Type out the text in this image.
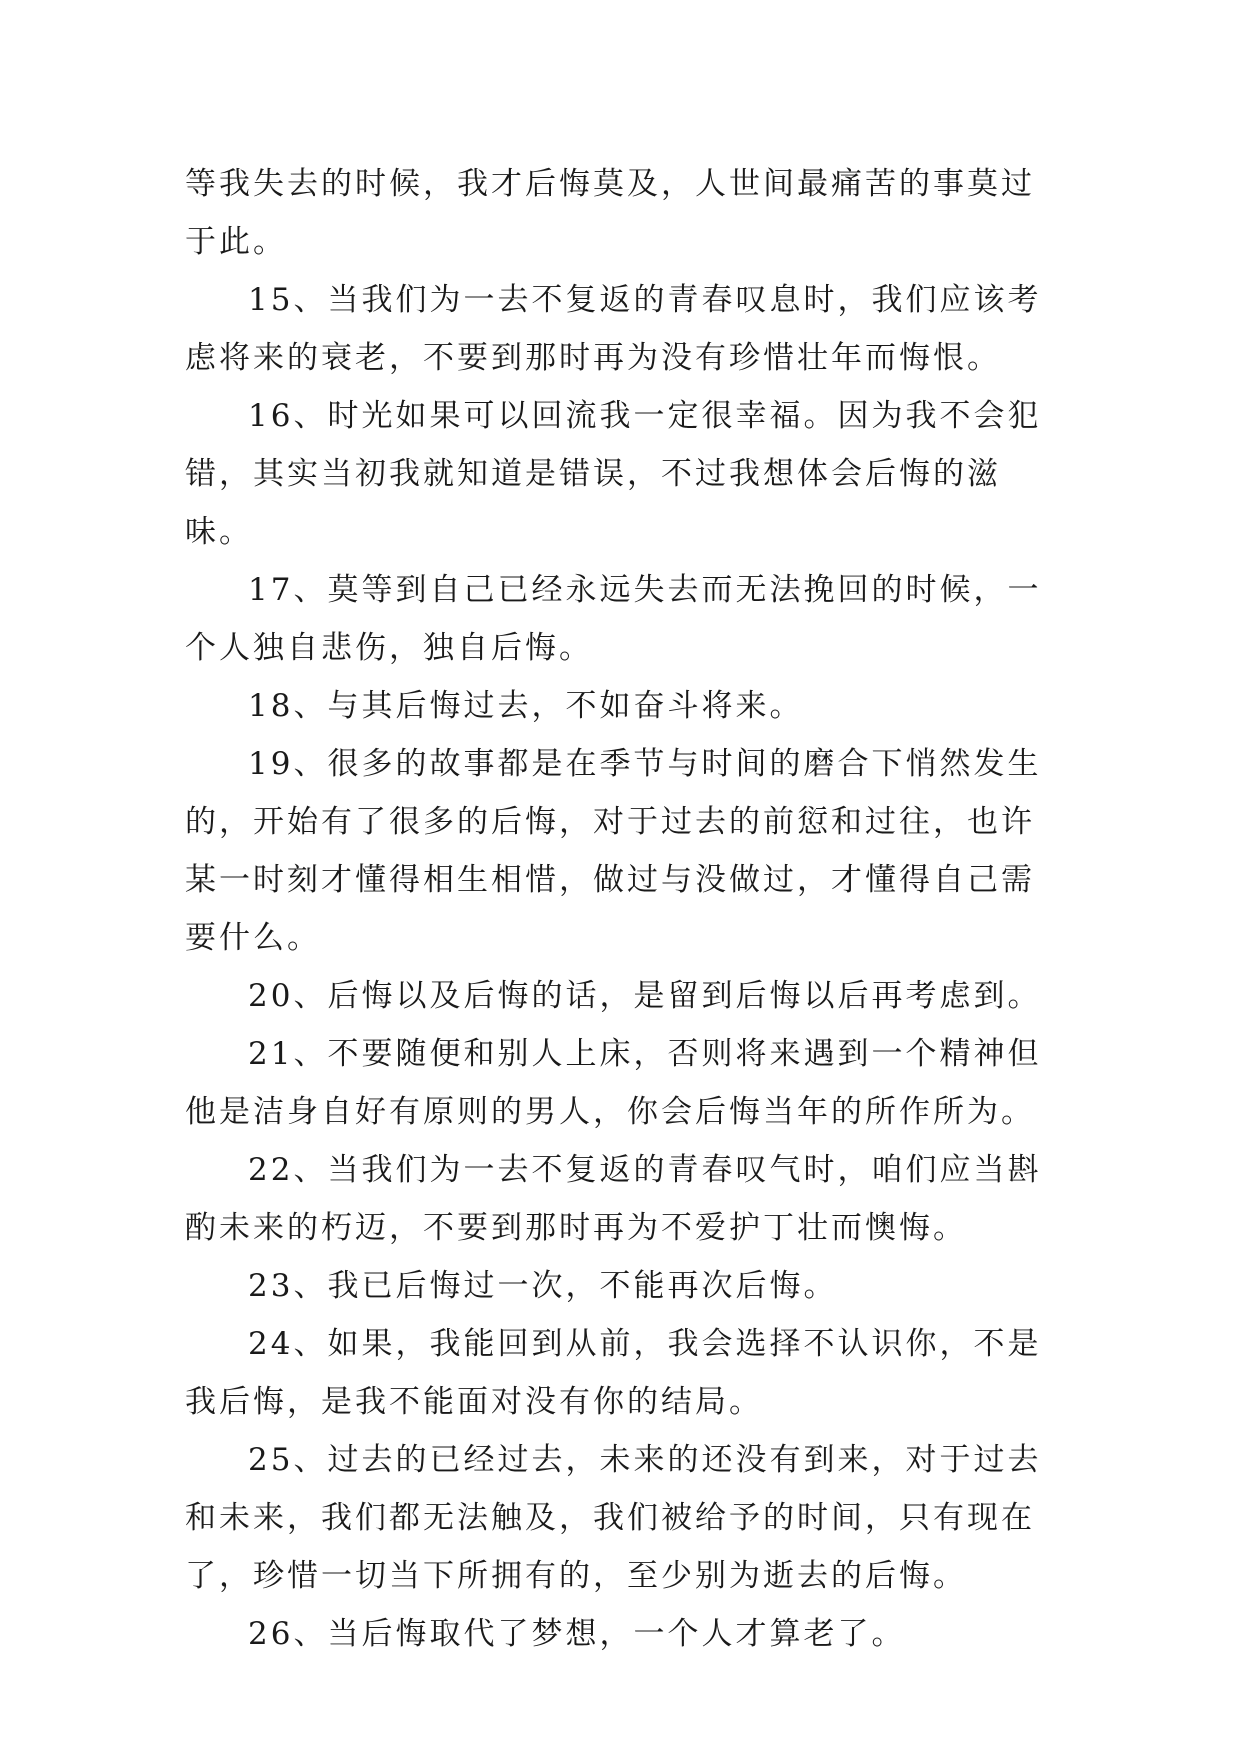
等我失去的时候，我才后悔莫及，人世间最痛苦的事莫过于此。

15、当我们为一去不复返的青春叹息时，我们应该考虑将来的衰老，不要到那时再为没有珍惜壮年而悔恨。

16、时光如果可以回流我一定很幸福。因为我不会犯错，其实当初我就知道是错误，不过我想体会后悔的滋味。

17、莫等到自己已经永远失去而无法挽回的时候，一个人独自悲伤，独自后悔。

18、与其后悔过去，不如奋斗将来。

19、很多的故事都是在季节与时间的磨合下悄然发生的，开始有了很多的后悔，对于过去的前愆和过往，也许某一时刻才懂得相生相惜，做过与没做过，才懂得自己需要什么。

20、后悔以及后悔的话，是留到后悔以后再考虑到。

21、不要随便和别人上床，否则将来遇到一个精神但他是洁身自好有原则的男人，你会后悔当年的所作所为。

22、当我们为一去不复返的青春叹气时，咱们应当斟酌未来的朽迈，不要到那时再为不爱护丁壮而懊悔。

23、我已后悔过一次，不能再次后悔。

24、如果，我能回到从前，我会选择不认识你，不是我后悔，是我不能面对没有你的结局。

25、过去的已经过去，未来的还没有到来，对于过去和未来，我们都无法触及，我们被给予的时间，只有现在了，珍惜一切当下所拥有的，至少别为逝去的后悔。

26、当后悔取代了梦想，一个人才算老了。
